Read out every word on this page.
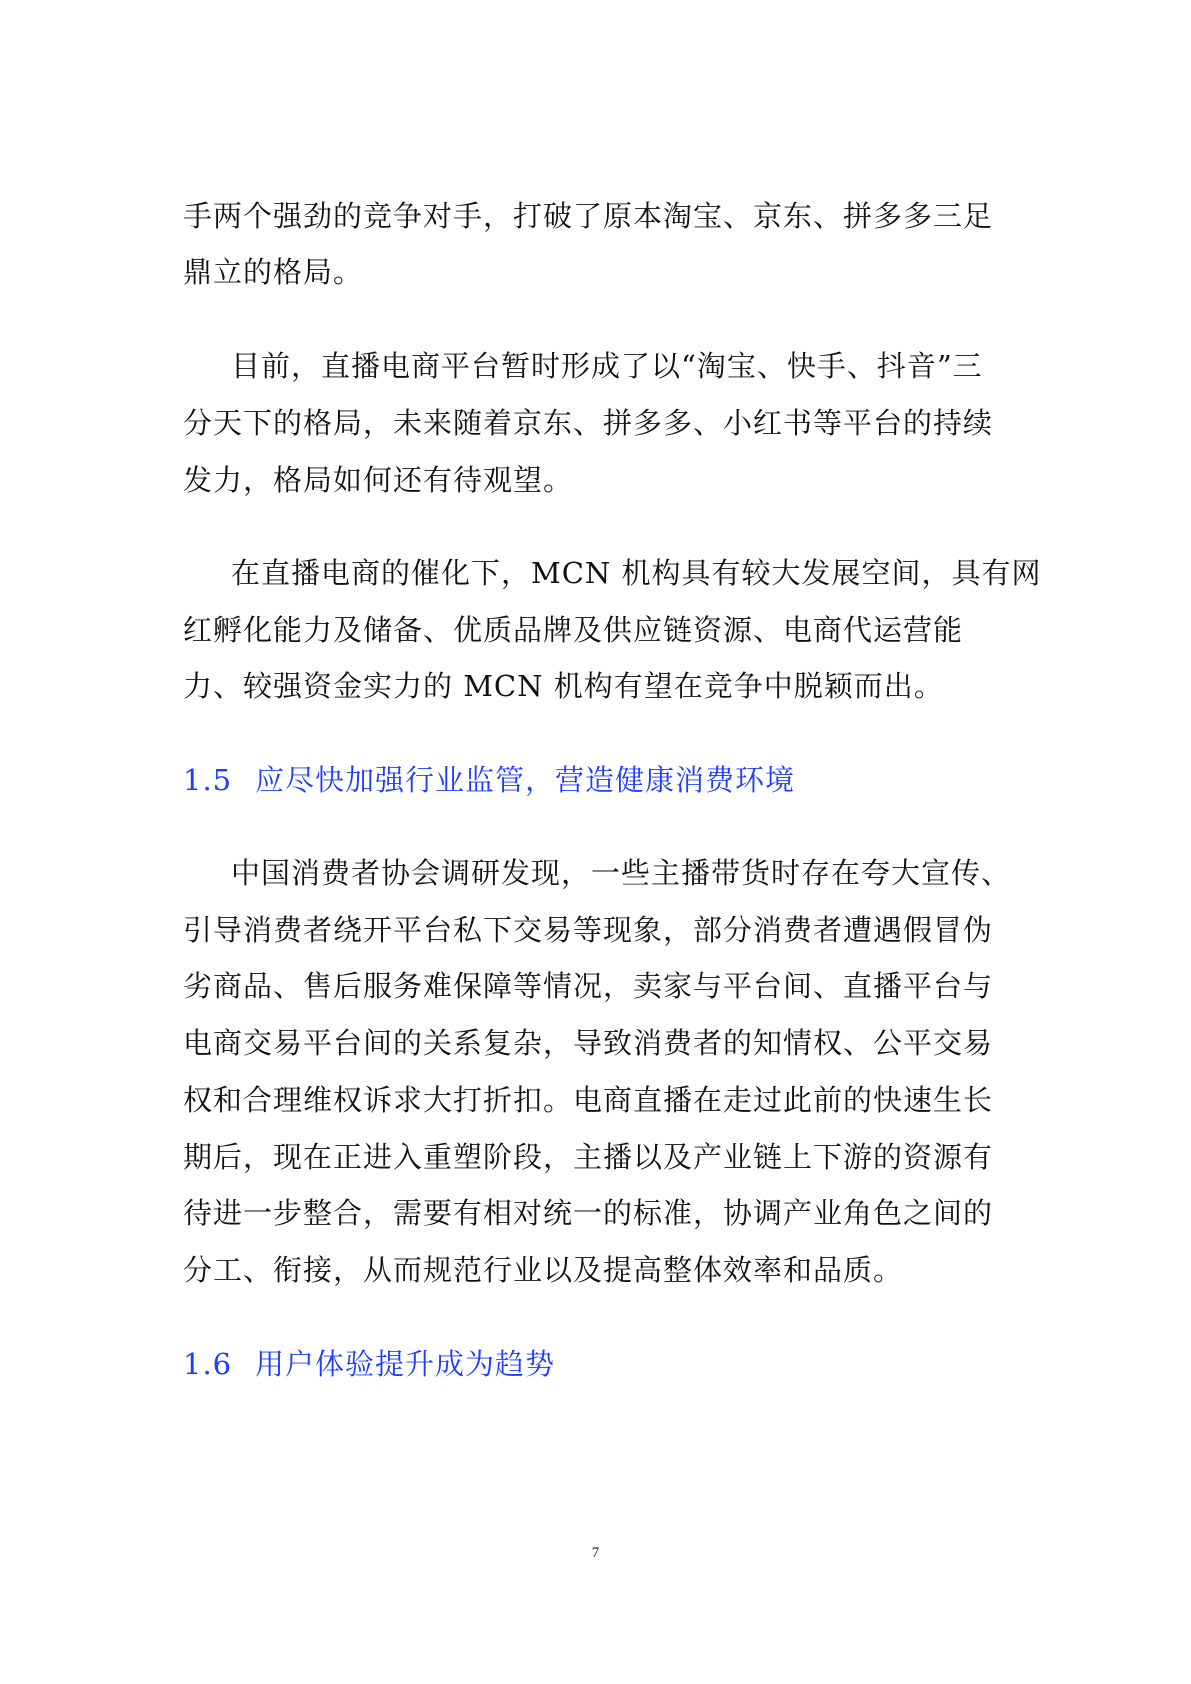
手两个强劲的竞争对手，打破了原本淘宝、京东、拼多多三足

鼎立的格局。

目前，直播电商平台暂时形成了以“淘宝、快手、抖音”三

分天下的格局，未来随着京东、拼多多、小红书等平台的持续

发力，格局如何还有待观望。

在直播电商的催化下，MCN 机构具有较大发展空间，具有网

红孵化能力及储备、优质品牌及供应链资源、电商代运营能

力、较强资金实力的 MCN 机构有望在竞争中脱颖而出。

1.5 应尽快加强行业监管，营造健康消费环境

中国消费者协会调研发现，一些主播带货时存在夸大宣传、

引导消费者绕开平台私下交易等现象，部分消费者遭遇假冒伪

劣商品、售后服务难保障等情况，卖家与平台间、直播平台与

电商交易平台间的关系复杂，导致消费者的知情权、公平交易

权和合理维权诉求大打折扣。电商直播在走过此前的快速生长

期后，现在正进入重塑阶段，主播以及产业链上下游的资源有

待进一步整合，需要有相对统一的标准，协调产业角色之间的

分工、衔接，从而规范行业以及提高整体效率和品质。

1.6 用户体验提升成为趋势
7
